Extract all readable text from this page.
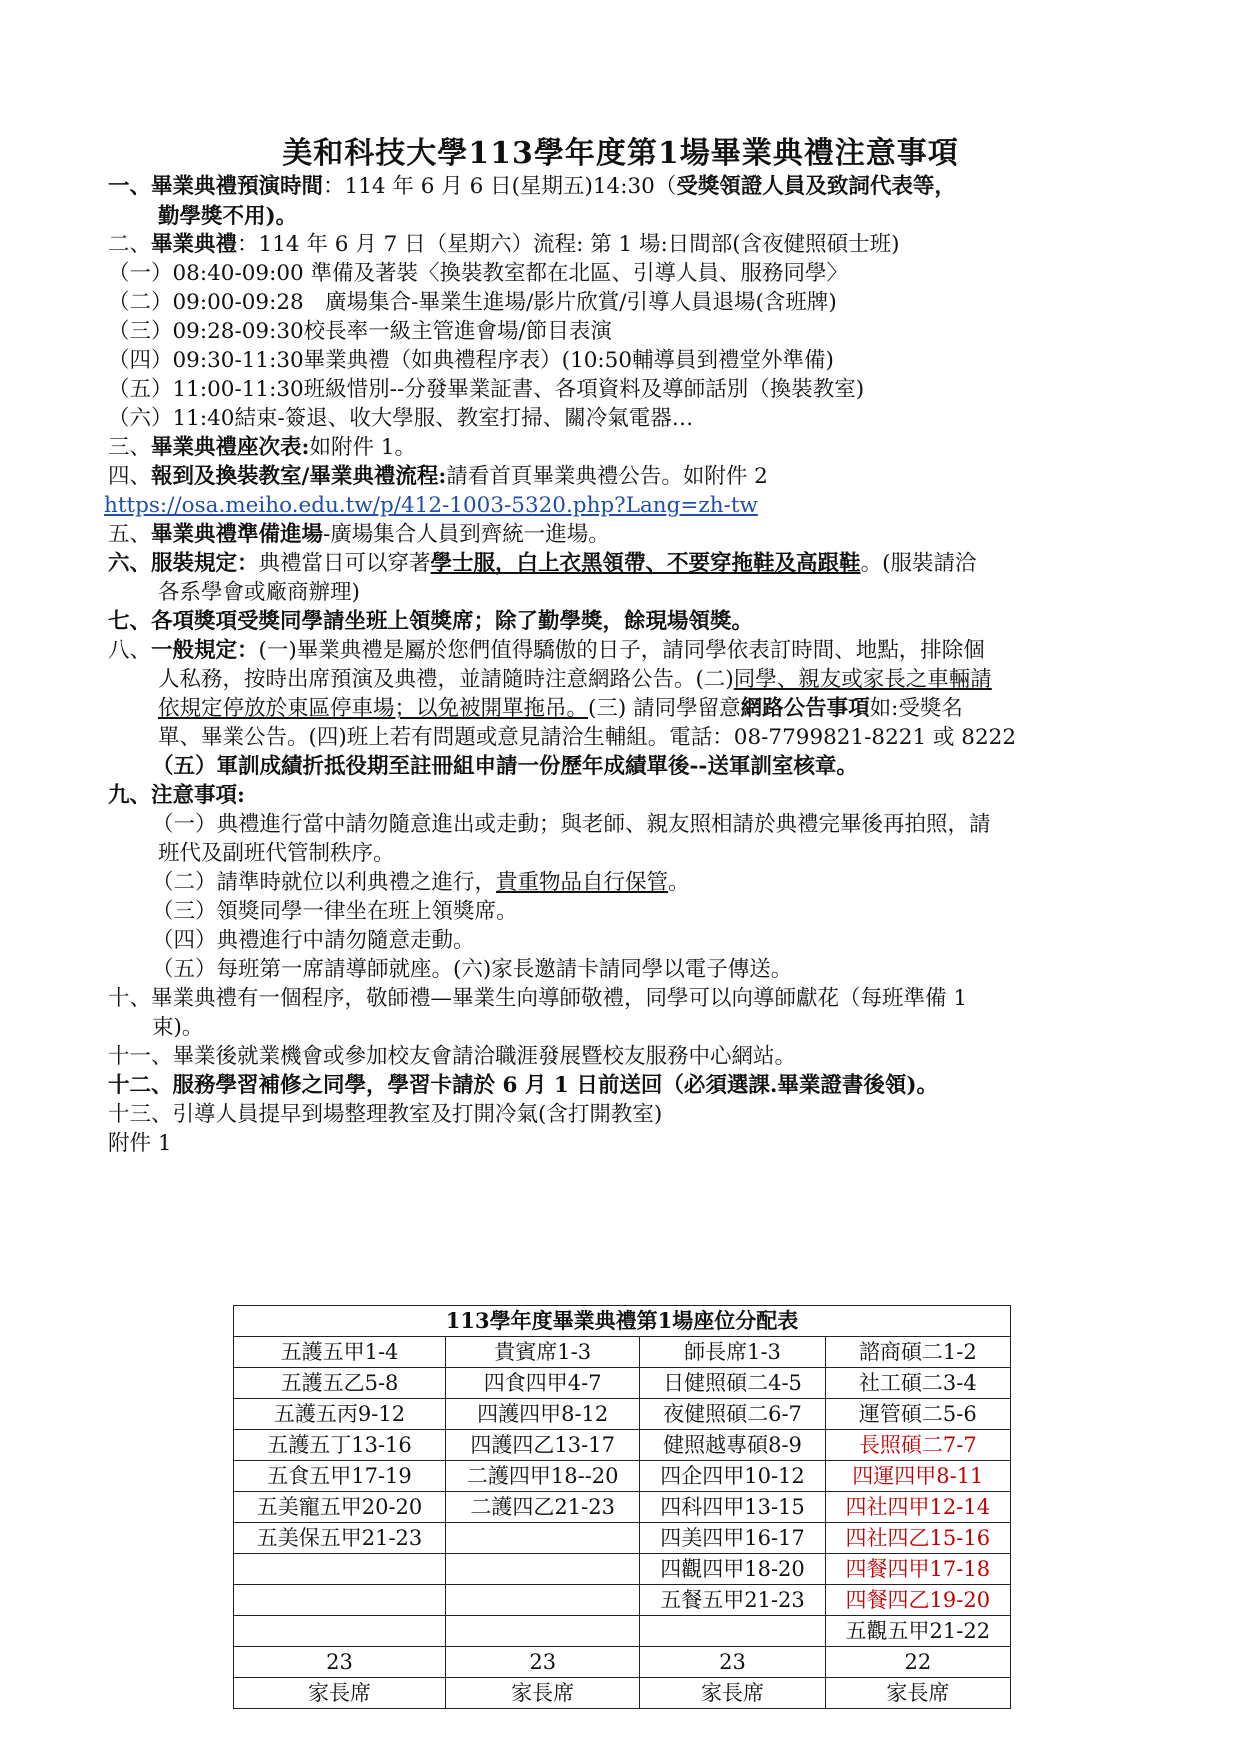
美和科技大學113學年度第1場畢業典禮注意事項
一、畢業典禮預演時間：114 年 6 月 6 日(星期五)14:30（受獎領證人員及致詞代表等，
勤學獎不用)。
二、畢業典禮：114 年 6 月 7 日（星期六）流程: 第 1 場:日間部(含夜健照碩士班)
（一）08:40-09:00 準備及著裝〈換裝教室都在北區、引導人員、服務同學〉
（二）09:00-09:28　廣場集合-畢業生進場/影片欣賞/引導人員退場(含班牌)
（三）09:28-09:30校長率一級主管進會場/節目表演
（四）09:30-11:30畢業典禮（如典禮程序表）(10:50輔導員到禮堂外準備)
（五）11:00-11:30班級惜別--分發畢業証書、各項資料及導師話別（換裝教室)
（六）11:40結束-簽退、收大學服、教室打掃、關冷氣電器…
三、畢業典禮座次表:如附件 1。
四、報到及換裝教室/畢業典禮流程:請看首頁畢業典禮公告。如附件 2
https://osa.meiho.edu.tw/p/412-1003-5320.php?Lang=zh-tw
五、畢業典禮準備進場-廣場集合人員到齊統一進場。
六、服裝規定：典禮當日可以穿著學士服，白上衣黑領帶、不要穿拖鞋及高跟鞋。(服裝請洽
各系學會或廠商辦理)
七、各項獎項受獎同學請坐班上領獎席；除了勤學獎，餘現場領獎。
八、一般規定：(一)畢業典禮是屬於您們值得驕傲的日子，請同學依表訂時間、地點，排除個
人私務，按時出席預演及典禮，並請隨時注意網路公告。(二)同學、親友或家長之車輛請
依規定停放於東區停車場；以免被開單拖吊。(三) 請同學留意網路公告事項如:受獎名
單、畢業公告。(四)班上若有問題或意見請洽生輔組。電話：08-7799821-8221 或 8222
（五）軍訓成績折抵役期至註冊組申請一份歷年成績單後--送軍訓室核章。
九、注意事項:
（一）典禮進行當中請勿隨意進出或走動；與老師、親友照相請於典禮完畢後再拍照，請
班代及副班代管制秩序。
（二）請準時就位以利典禮之進行，貴重物品自行保管。
（三）領獎同學一律坐在班上領獎席。
（四）典禮進行中請勿隨意走動。
（五）每班第一席請導師就座。(六)家長邀請卡請同學以電子傳送。
十、畢業典禮有一個程序，敬師禮—畢業生向導師敬禮，同學可以向導師獻花（每班準備 1
束)。
十一、畢業後就業機會或參加校友會請洽職涯發展暨校友服務中心網站。
十二、服務學習補修之同學，學習卡請於 6 月 1 日前送回（必須選課.畢業證書後領)。
十三、引導人員提早到場整理教室及打開冷氣(含打開教室)
附件 1
113學年度畢業典禮第1場座位分配表			
五護五甲1-4	貴賓席1-3	師長席1-3	諮商碩二1-2
五護五乙5-8	四食四甲4-7	日健照碩二4-5	社工碩二3-4
五護五丙9-12	四護四甲8-12	夜健照碩二6-7	運管碩二5-6
五護五丁13-16	四護四乙13-17	健照越專碩8-9	長照碩二7-7
五食五甲17-19	二護四甲18--20	四企四甲10-12	四運四甲8-11
五美寵五甲20-20	二護四乙21-23	四科四甲13-15	四社四甲12-14
五美保五甲21-23		四美四甲16-17	四社四乙15-16
		四觀四甲18-20	四餐四甲17-18
		五餐五甲21-23	四餐四乙19-20
			五觀五甲21-22
23	23	23	22
家長席	家長席	家長席	家長席
